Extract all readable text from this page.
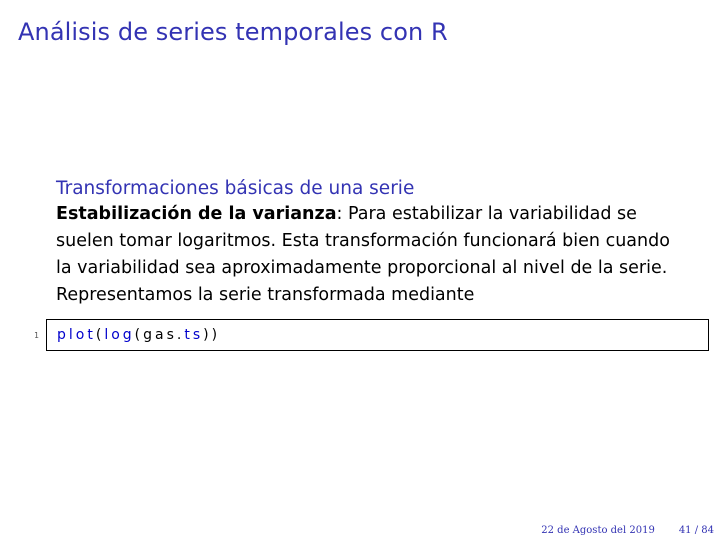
Análisis de series temporales con R

Transformaciones básicas de una serie

Estabilización de la varianza: Para estabilizar la variabilidad se
suelen tomar logaritmos. Esta transformación funcionará bien cuando
la variabilidad sea aproximadamente proporcional al nivel de la serie.
Representamos la serie transformada mediante

1 plot(log(gas.ts))
22 de Agosto del 2019 41 / 84
